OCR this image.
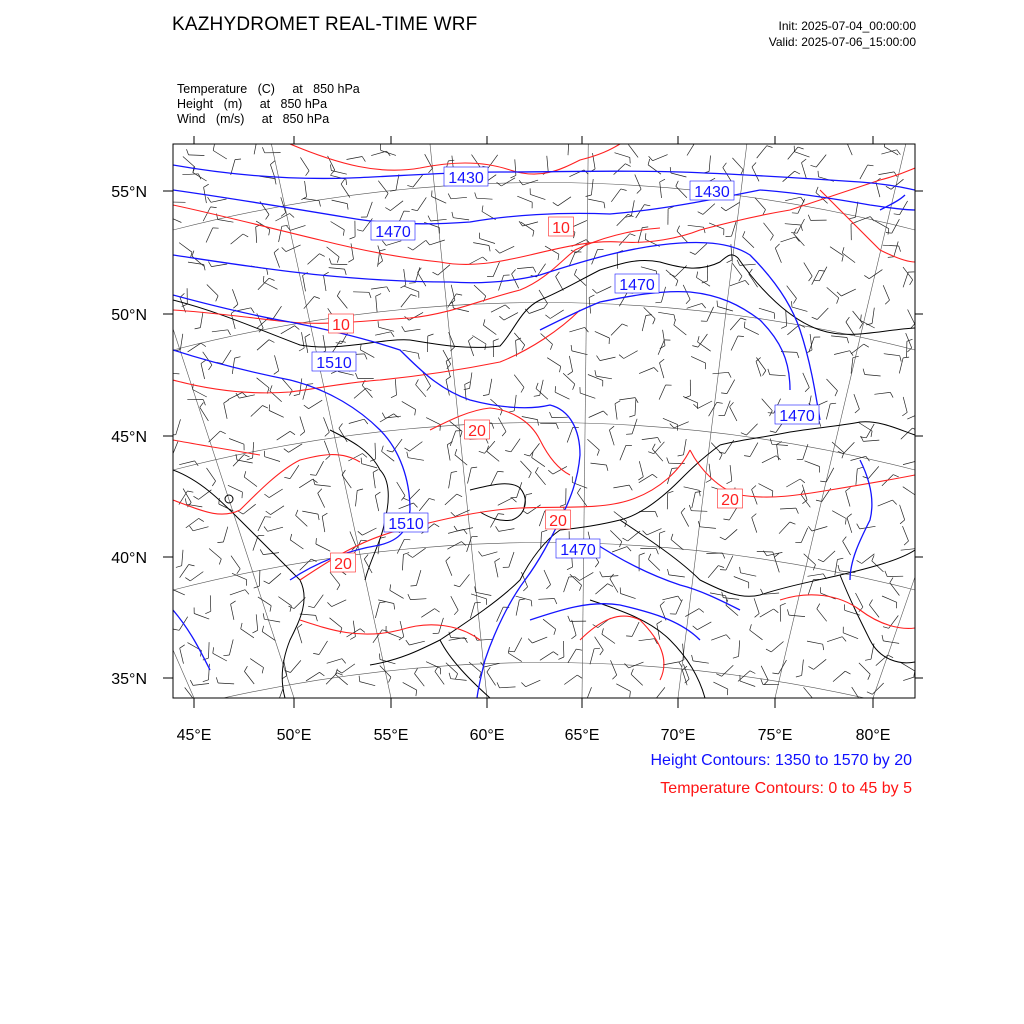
KAZHYDROMET REAL-TIME WRF	Init: 2025-07-04_00:00:00
Valid: 2025-07-06_15:00:00
Temperature (C) at   850 hPa
Height (m) at   850 hPa
Wind (m/s) at   850 hPa
1430
1430
1470
1470
1510
1470
1510
1470
10
10
20
20
20
20
45°E	50°E	55°E	60°E	65°E	70°E	75°E	80°E
55°N
50°N
45°N
40°N
35°N
Height Contours: 1350 to 1570 by 20
Temperature Contours: 0 to 45 by 5
